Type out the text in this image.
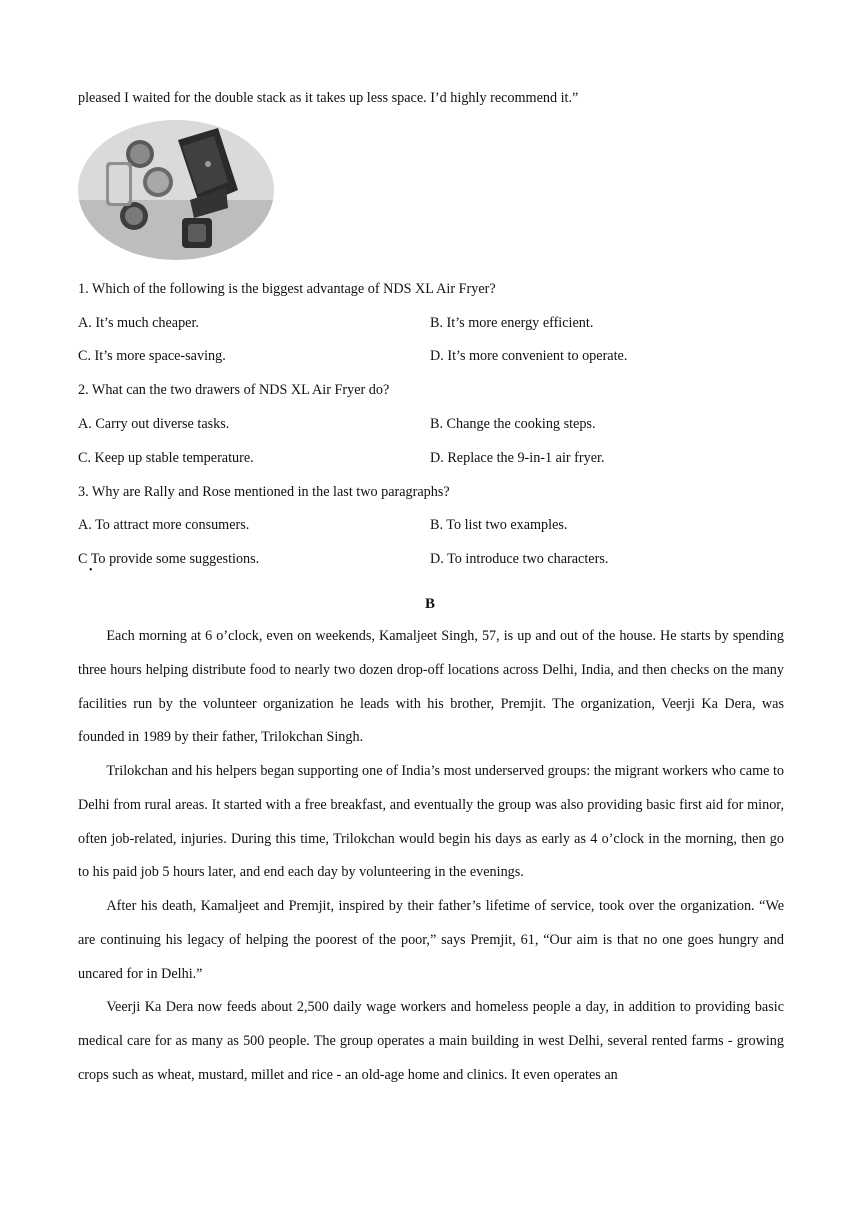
pleased I waited for the double stack as it takes up less space. I’d highly recommend it.”
1. Which of the following is the biggest advantage of NDS XL Air Fryer?
A. It’s much cheaper.	B. It’s more energy efficient.
C. It’s more space-saving.	D. It’s more convenient to operate.
2. What can the two drawers of NDS XL Air Fryer do?
A. Carry out diverse tasks.	B. Change the cooking steps.
C. Keep up stable temperature.	D. Replace the 9-in-1 air fryer.
3. Why are Rally and Rose mentioned in the last two paragraphs?
A. To attract more consumers.	B. To list two examples.
C To provide some suggestions.	D. To introduce two characters.
•
B

Each morning at 6 o’clock, even on weekends, Kamaljeet Singh, 57, is up and out of the house. He starts by spending three hours helping distribute food to nearly two dozen drop-off locations across Delhi, India, and then checks on the many facilities run by the volunteer organization he leads with his brother, Premjit. The organization, Veerji Ka Dera, was founded in 1989 by their father, Trilokchan Singh.

Trilokchan and his helpers began supporting one of India’s most underserved groups: the migrant workers who came to Delhi from rural areas. It started with a free breakfast, and eventually the group was also providing basic first aid for minor, often job-related, injuries. During this time, Trilokchan would begin his days as early as 4 o’clock in the morning, then go to his paid job 5 hours later, and end each day by volunteering in the evenings.

After his death, Kamaljeet and Premjit, inspired by their father’s lifetime of service, took over the organization. “We are continuing his legacy of helping the poorest of the poor,” says Premjit, 61, “Our aim is that no one goes hungry and uncared for in Delhi.”

Veerji Ka Dera now feeds about 2,500 daily wage workers and homeless people a day, in addition to providing basic medical care for as many as 500 people. The group operates a main building in west Delhi, several rented farms - growing crops such as wheat, mustard, millet and rice - an old-age home and clinics. It even operates an
